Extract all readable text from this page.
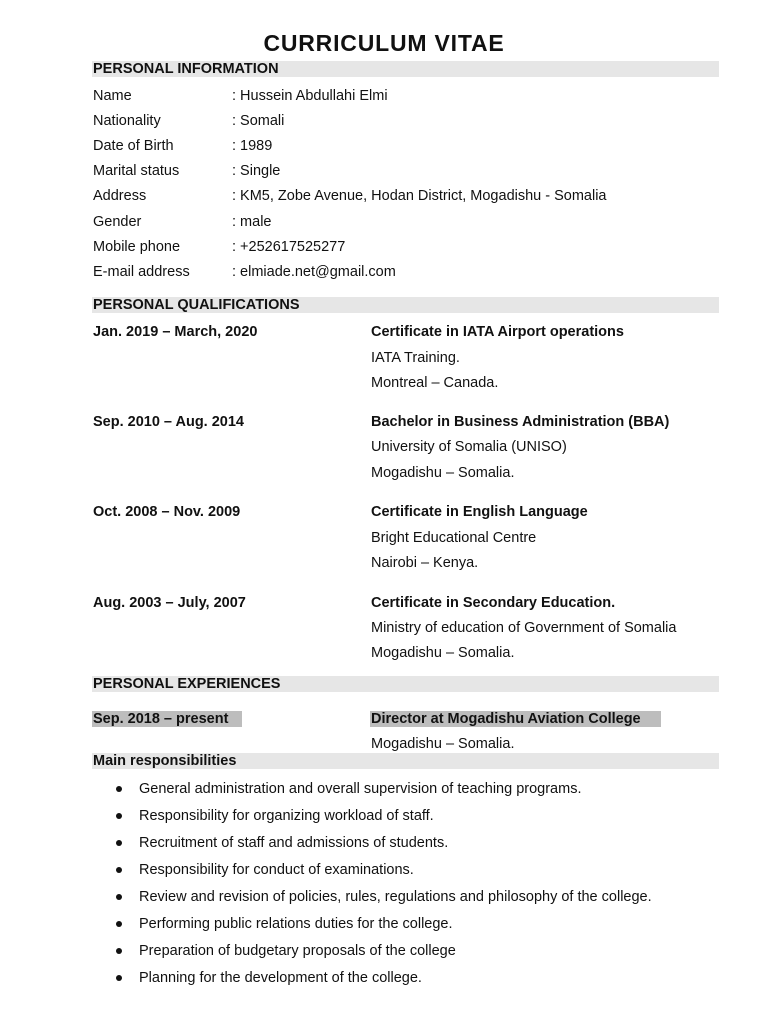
CURRICULUM VITAE
PERSONAL INFORMATION
Name	: Hussein Abdullahi Elmi
Nationality	: Somali
Date of Birth	: 1989
Marital status	: Single
Address	: KM5, Zobe Avenue, Hodan District, Mogadishu - Somalia
Gender	: male
Mobile phone	: +252617525277
E-mail address	: elmiade.net@gmail.com
PERSONAL QUALIFICATIONS
Jan. 2019 – March, 2020	Certificate in IATA Airport operations
IATA Training.
Montreal – Canada.
Sep. 2010 – Aug. 2014	Bachelor in Business Administration (BBA)
University of Somalia (UNISO)
Mogadishu – Somalia.
Oct. 2008 – Nov. 2009	Certificate in English Language
Bright Educational Centre
Nairobi – Kenya.
Aug. 2003 – July, 2007	Certificate in Secondary Education.
Ministry of education of Government of Somalia
Mogadishu – Somalia.
PERSONAL EXPERIENCES
Sep. 2018 – present	Director at Mogadishu Aviation College
Mogadishu – Somalia.
Main responsibilities
General administration and overall supervision of teaching programs.
Responsibility for organizing workload of staff.
Recruitment of staff and admissions of students.
Responsibility for conduct of examinations.
Review and revision of policies, rules, regulations and philosophy of the college.
Performing public relations duties for the college.
Preparation of budgetary proposals of the college
Planning for the development of the college.
